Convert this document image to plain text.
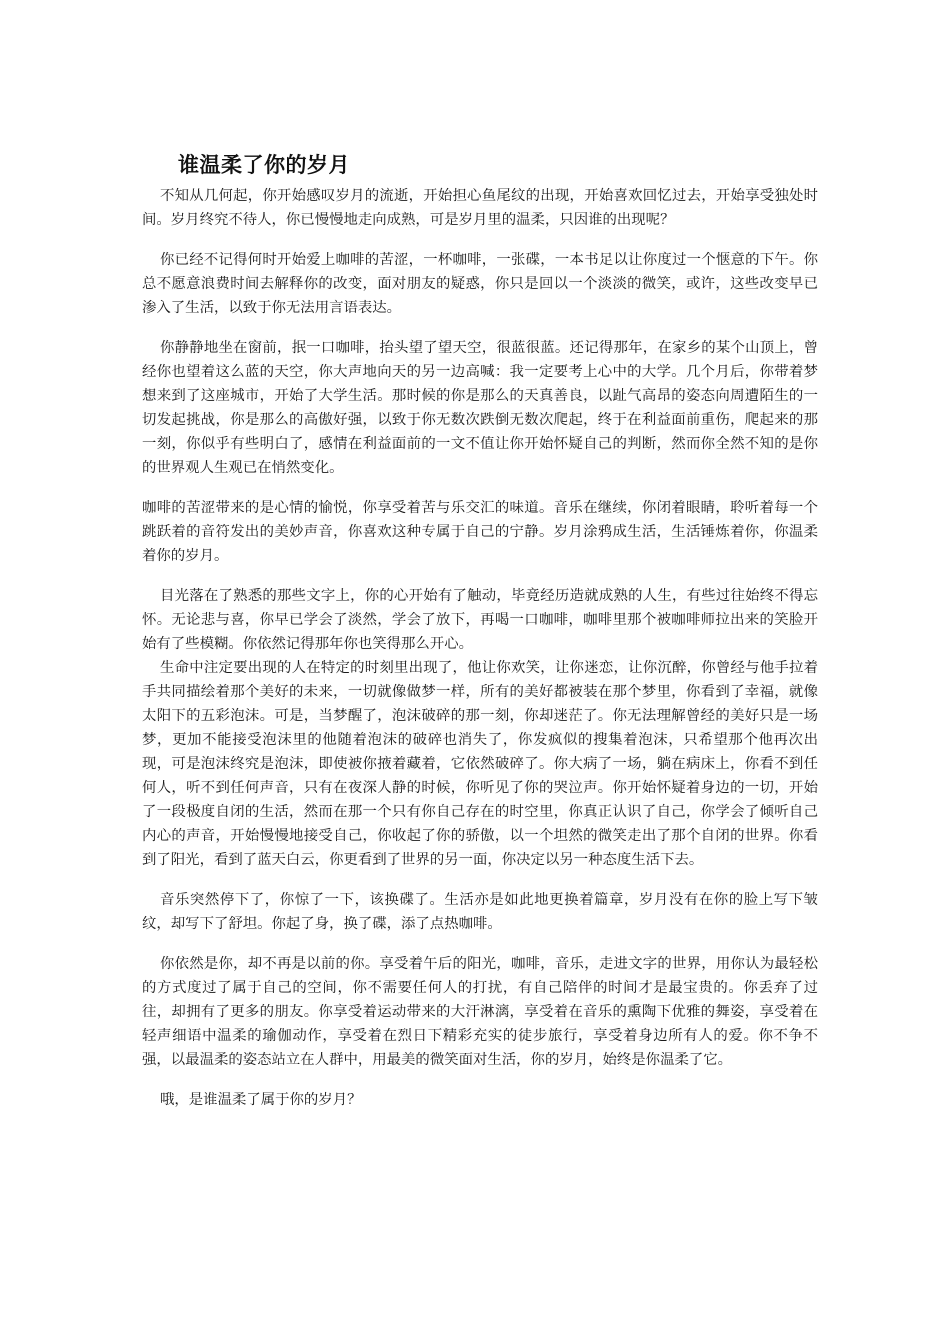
谁温柔了你的岁月

不知从几何起，你开始感叹岁月的流逝，开始担心鱼尾纹的出现，开始喜欢回忆过去，开始享受独处时间。岁月终究不待人，你已慢慢地走向成熟，可是岁月里的温柔，只因谁的出现呢？

你已经不记得何时开始爱上咖啡的苦涩，一杯咖啡，一张碟，一本书足以让你度过一个惬意的下午。你总不愿意浪费时间去解释你的改变，面对朋友的疑惑，你只是回以一个淡淡的微笑，或许，这些改变早已渗入了生活，以致于你无法用言语表达。

你静静地坐在窗前，抿一口咖啡，抬头望了望天空，很蓝很蓝。还记得那年，在家乡的某个山顶上，曾经你也望着这么蓝的天空，你大声地向天的另一边高喊：我一定要考上心中的大学。几个月后，你带着梦想来到了这座城市，开始了大学生活。那时候的你是那么的天真善良，以趾气高昂的姿态向周遭陌生的一切发起挑战，你是那么的高傲好强，以致于你无数次跌倒无数次爬起，终于在利益面前重伤，爬起来的那一刻，你似乎有些明白了，感情在利益面前的一文不值让你开始怀疑自己的判断，然而你全然不知的是你的世界观人生观已在悄然变化。

咖啡的苦涩带来的是心情的愉悦，你享受着苦与乐交汇的味道。音乐在继续，你闭着眼睛，聆听着每一个跳跃着的音符发出的美妙声音，你喜欢这种专属于自己的宁静。岁月涂鸦成生活，生活锤炼着你，你温柔着你的岁月。

目光落在了熟悉的那些文字上，你的心开始有了触动，毕竟经历造就成熟的人生，有些过往始终不得忘怀。无论悲与喜，你早已学会了淡然，学会了放下，再喝一口咖啡，咖啡里那个被咖啡师拉出来的笑脸开始有了些模糊。你依然记得那年你也笑得那么开心。

生命中注定要出现的人在特定的时刻里出现了，他让你欢笑，让你迷恋，让你沉醉，你曾经与他手拉着手共同描绘着那个美好的未来，一切就像做梦一样，所有的美好都被装在那个梦里，你看到了幸福，就像太阳下的五彩泡沫。可是，当梦醒了，泡沫破碎的那一刻，你却迷茫了。你无法理解曾经的美好只是一场梦，更加不能接受泡沫里的他随着泡沫的破碎也消失了，你发疯似的搜集着泡沫，只希望那个他再次出现，可是泡沫终究是泡沫，即使被你掖着藏着，它依然破碎了。你大病了一场，躺在病床上，你看不到任何人，听不到任何声音，只有在夜深人静的时候，你听见了你的哭泣声。你开始怀疑着身边的一切，开始了一段极度自闭的生活，然而在那一个只有你自己存在的时空里，你真正认识了自己，你学会了倾听自己内心的声音，开始慢慢地接受自己，你收起了你的骄傲，以一个坦然的微笑走出了那个自闭的世界。你看到了阳光，看到了蓝天白云，你更看到了世界的另一面，你决定以另一种态度生活下去。

音乐突然停下了，你惊了一下，该换碟了。生活亦是如此地更换着篇章，岁月没有在你的脸上写下皱纹，却写下了舒坦。你起了身，换了碟，添了点热咖啡。

你依然是你，却不再是以前的你。享受着午后的阳光，咖啡，音乐，走进文字的世界，用你认为最轻松的方式度过了属于自己的空间，你不需要任何人的打扰，有自己陪伴的时间才是最宝贵的。你丢弃了过往，却拥有了更多的朋友。你享受着运动带来的大汗淋漓，享受着在音乐的熏陶下优雅的舞姿，享受着在轻声细语中温柔的瑜伽动作，享受着在烈日下精彩充实的徒步旅行，享受着身边所有人的爱。你不争不强，以最温柔的姿态站立在人群中，用最美的微笑面对生活，你的岁月，始终是你温柔了它。

哦，是谁温柔了属于你的岁月？
